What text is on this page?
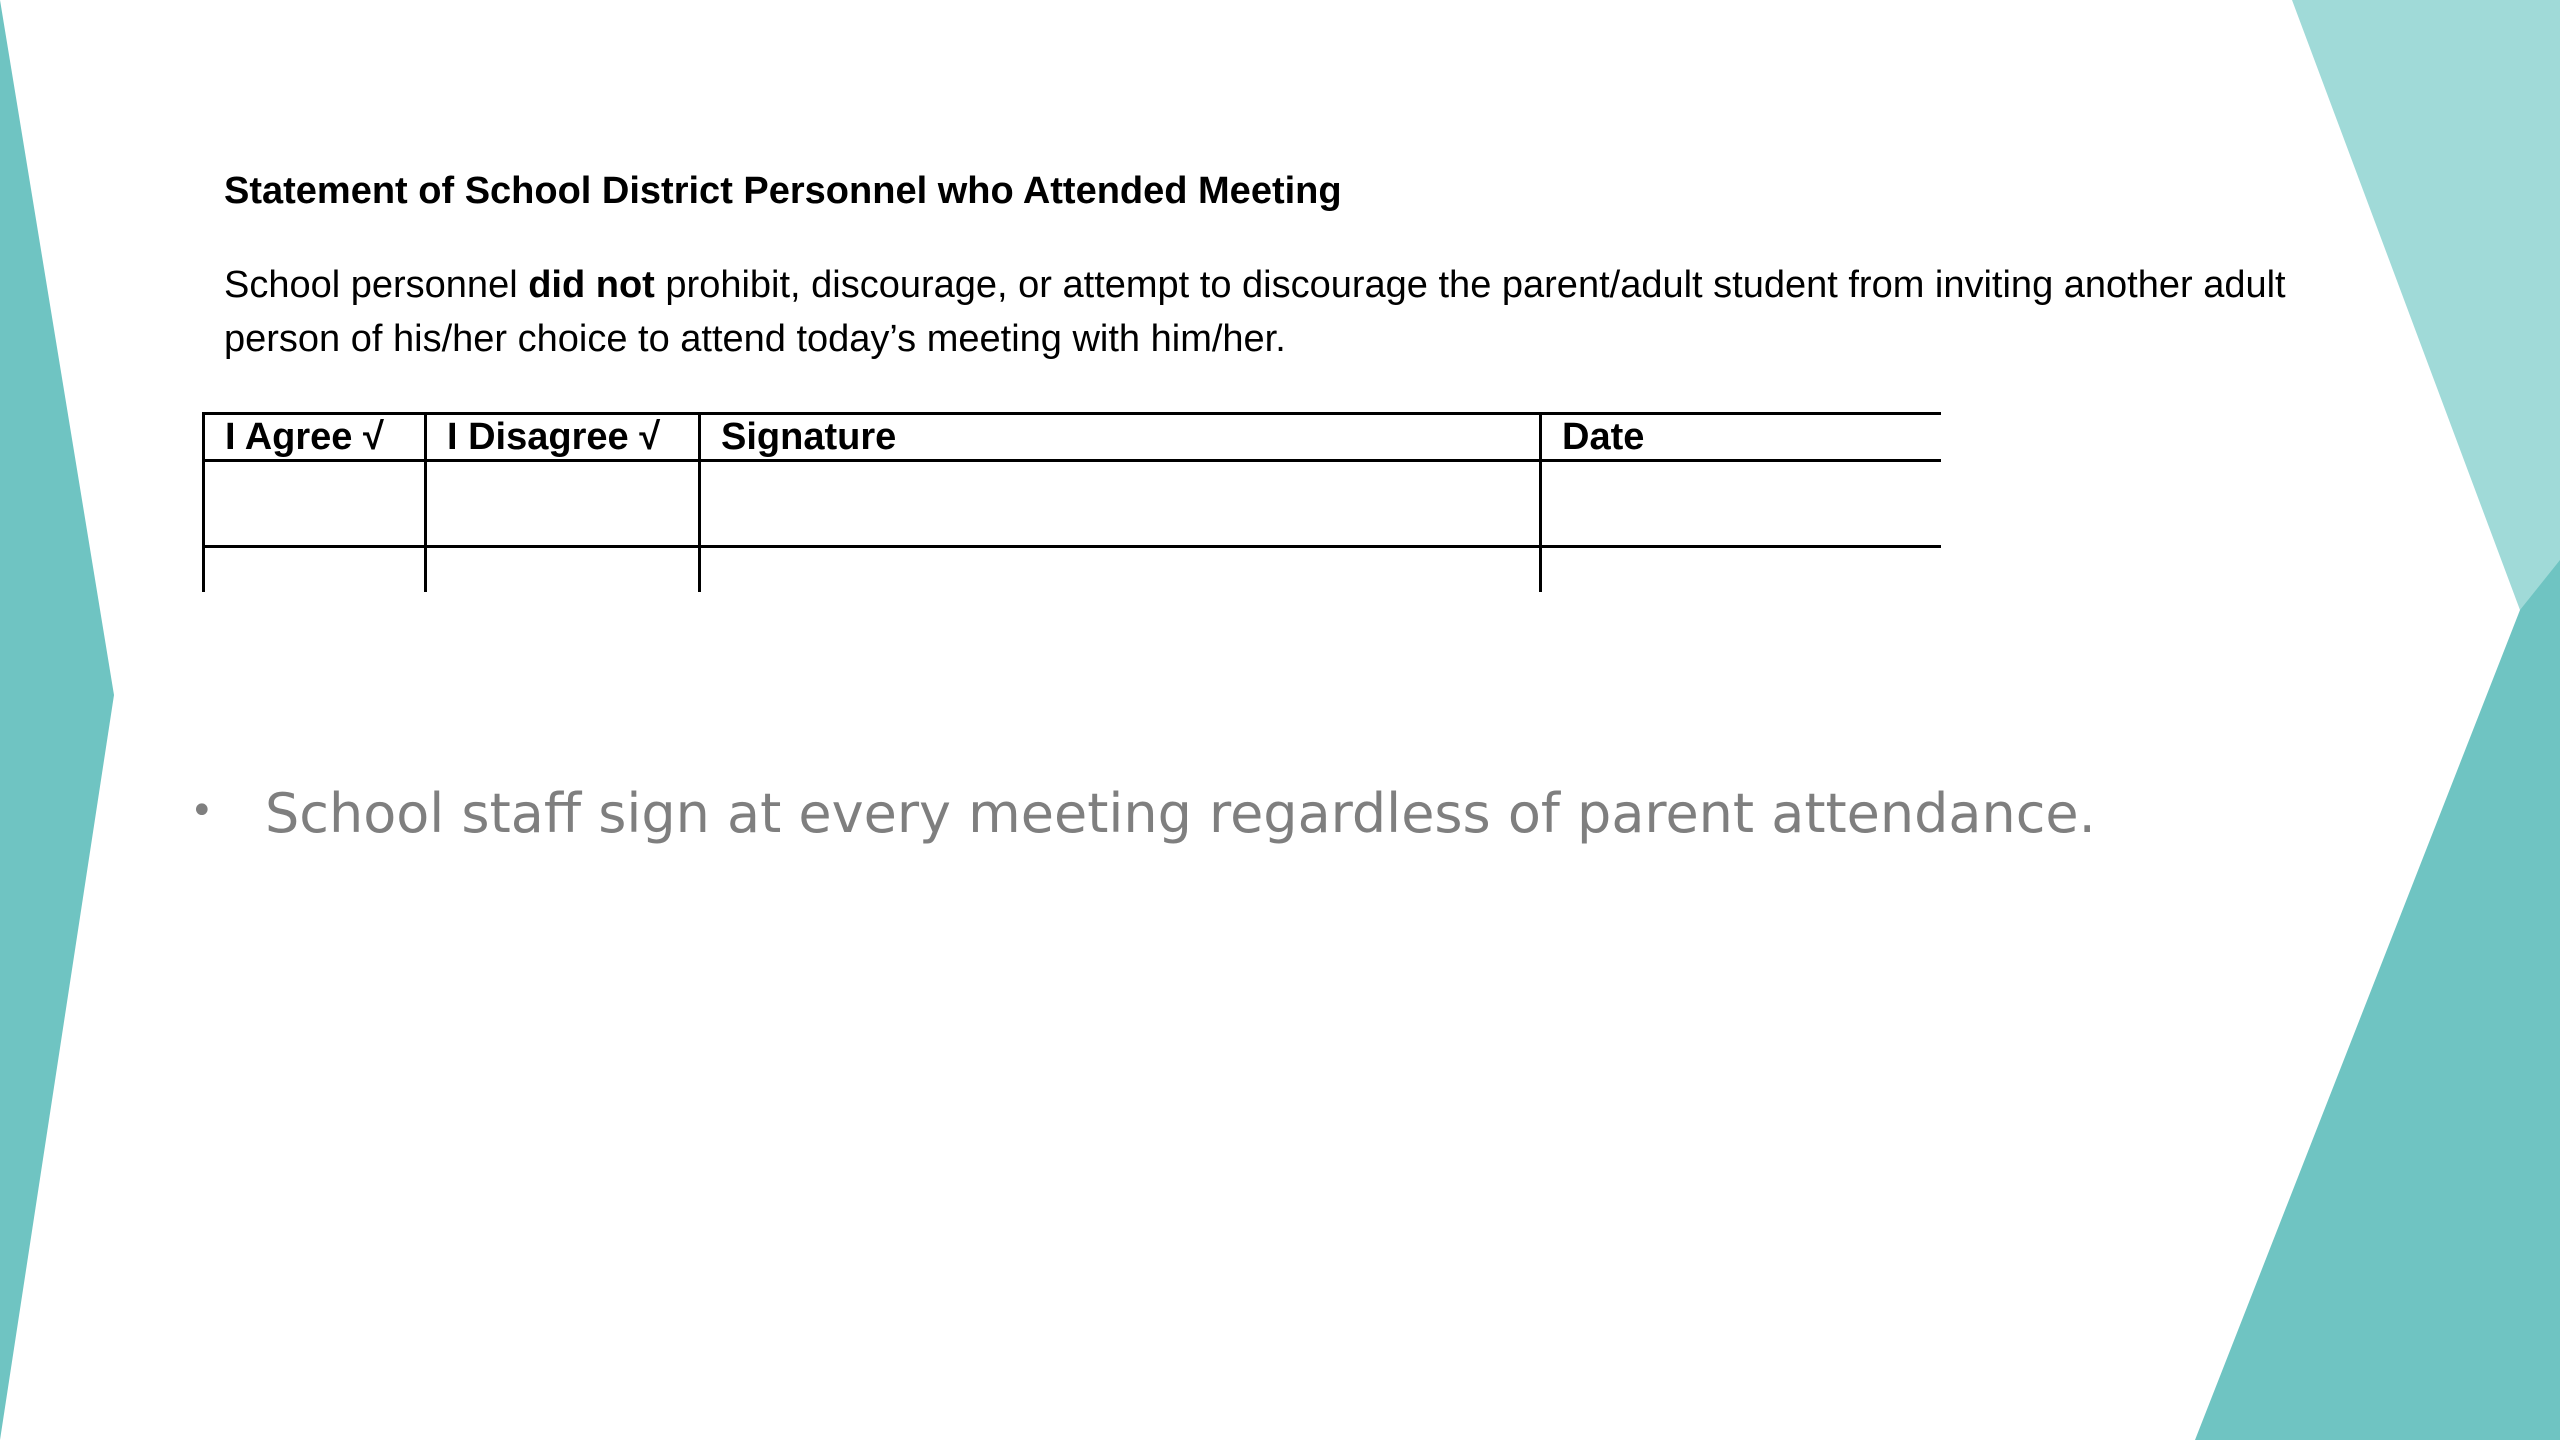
Statement of School District Personnel who Attended Meeting
School personnel did not prohibit, discourage, or attempt to discourage the parent/adult student from inviting another adult person of his/her choice to attend today’s meeting with him/her.
I Agree √	I Disagree √	Signature	Date

• School staff sign at every meeting regardless of parent attendance.
